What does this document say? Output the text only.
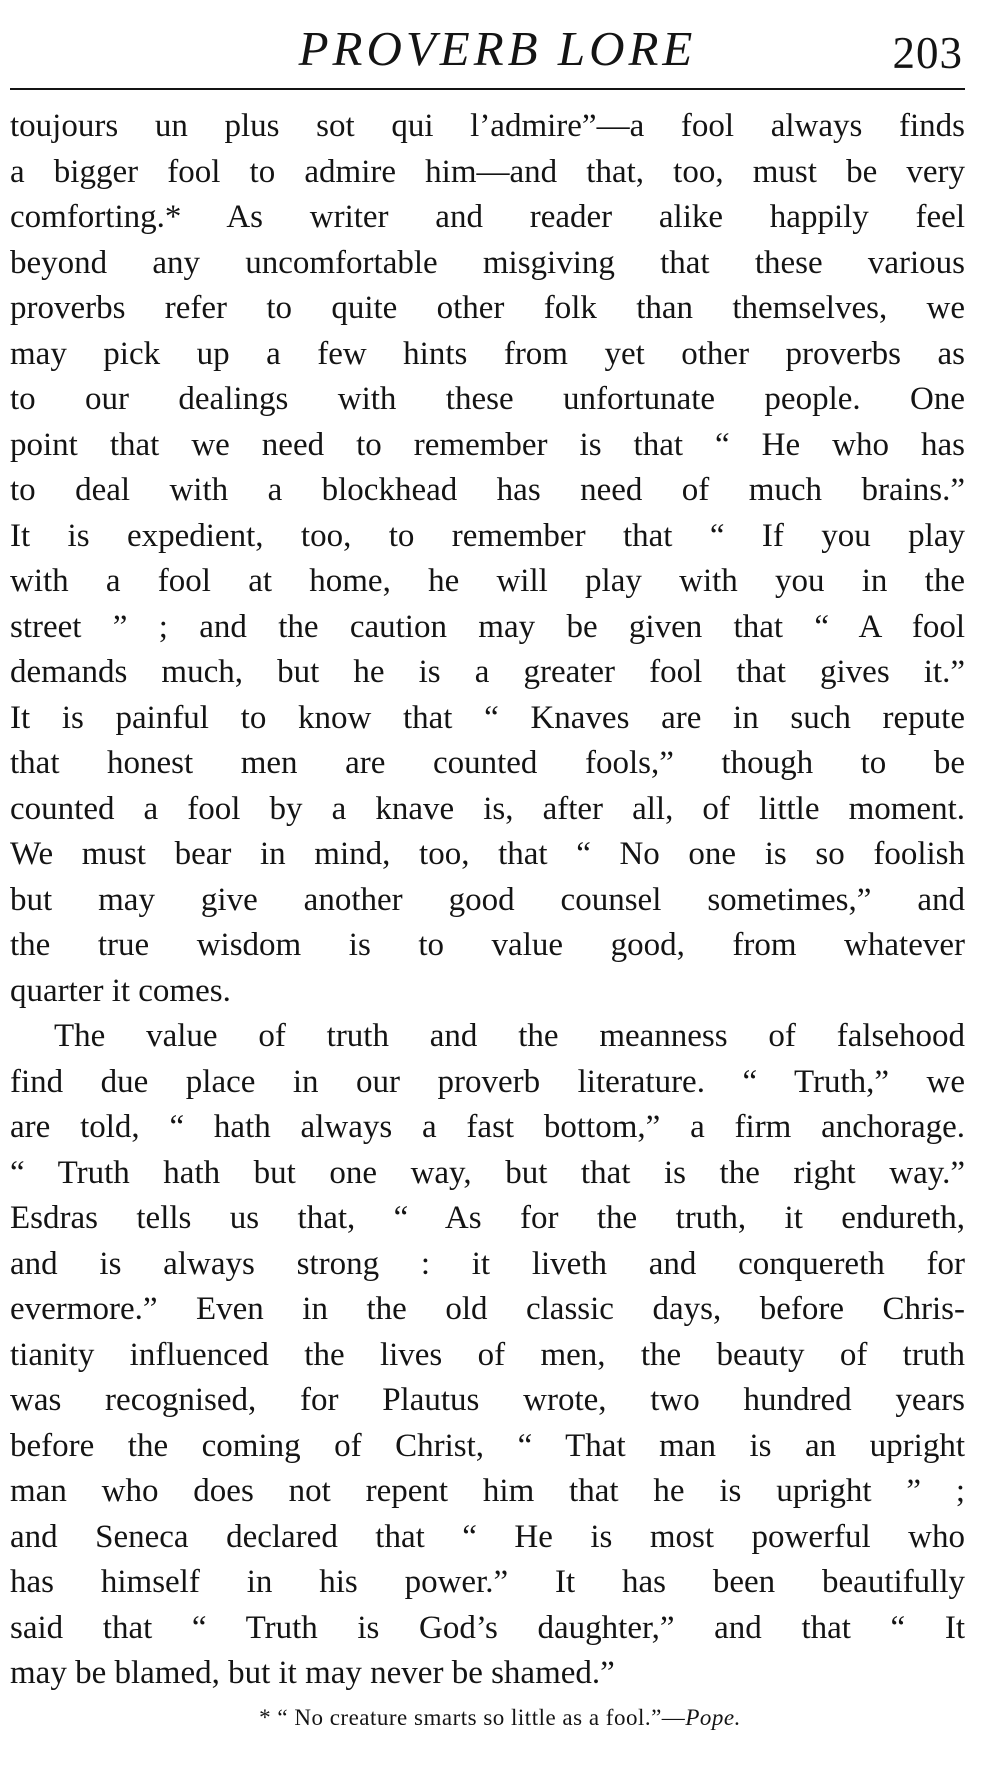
PROVERB LORE	203
toujours un plus sot qui l’admire”—a fool always finds
a bigger fool to admire him—and that, too, must be very
comforting.* As writer and reader alike happily feel
beyond any uncomfortable misgiving that these various
proverbs refer to quite other folk than themselves, we
may pick up a few hints from yet other proverbs as
to our dealings with these unfortunate people. One
point that we need to remember is that “ He who has
to deal with a blockhead has need of much brains.”
It is expedient, too, to remember that “ If you play
with a fool at home, he will play with you in the
street ” ; and the caution may be given that “ A fool
demands much, but he is a greater fool that gives it.”
It is painful to know that “ Knaves are in such repute
that honest men are counted fools,” though to be
counted a fool by a knave is, after all, of little moment.
We must bear in mind, too, that “ No one is so foolish
but may give another good counsel sometimes,” and
the true wisdom is to value good, from whatever
quarter it comes.
The value of truth and the meanness of falsehood
find due place in our proverb literature. “ Truth,” we
are told, “ hath always a fast bottom,” a firm anchorage.
“ Truth hath but one way, but that is the right way.”
Esdras tells us that, “ As for the truth, it endureth,
and is always strong : it liveth and conquereth for
evermore.” Even in the old classic days, before Chris-
tianity influenced the lives of men, the beauty of truth
was recognised, for Plautus wrote, two hundred years
before the coming of Christ, “ That man is an upright
man who does not repent him that he is upright ” ;
and Seneca declared that “ He is most powerful who
has himself in his power.” It has been beautifully
said that “ Truth is God’s daughter,” and that “ It
may be blamed, but it may never be shamed.”
* “ No creature smarts so little as a fool.”—Pope.
